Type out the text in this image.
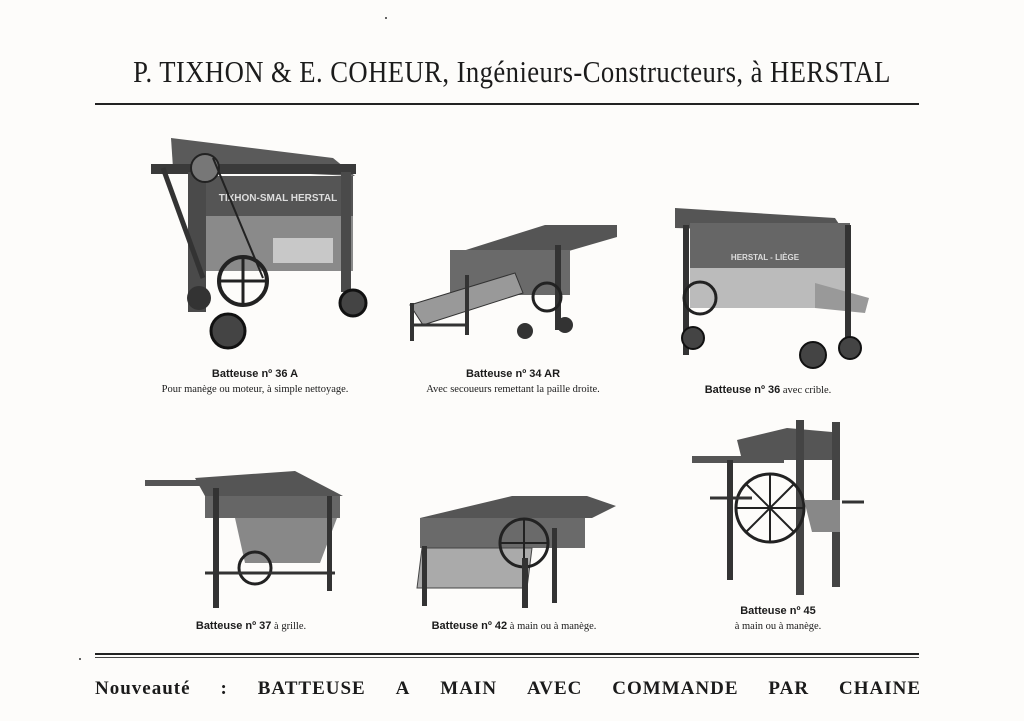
P. TIXHON & E. COHEUR, Ingénieurs-Constructeurs, à HERSTAL
TIXHON-SMAL HERSTAL
Batteuse nº 36 A
Pour manège ou moteur, à simple nettoyage.
Batteuse nº 34 AR
Avec secoueurs remettant la paille droite.
HERSTAL - LIÈGE
Batteuse nº 36 avec crible.
Batteuse nº 37 à grille.	Batteuse nº 42 à main ou à manège.
Batteuse nº 45
à main ou à manège.
Nouveauté : BATTEUSE A MAIN AVEC COMMANDE PAR CHAINE
